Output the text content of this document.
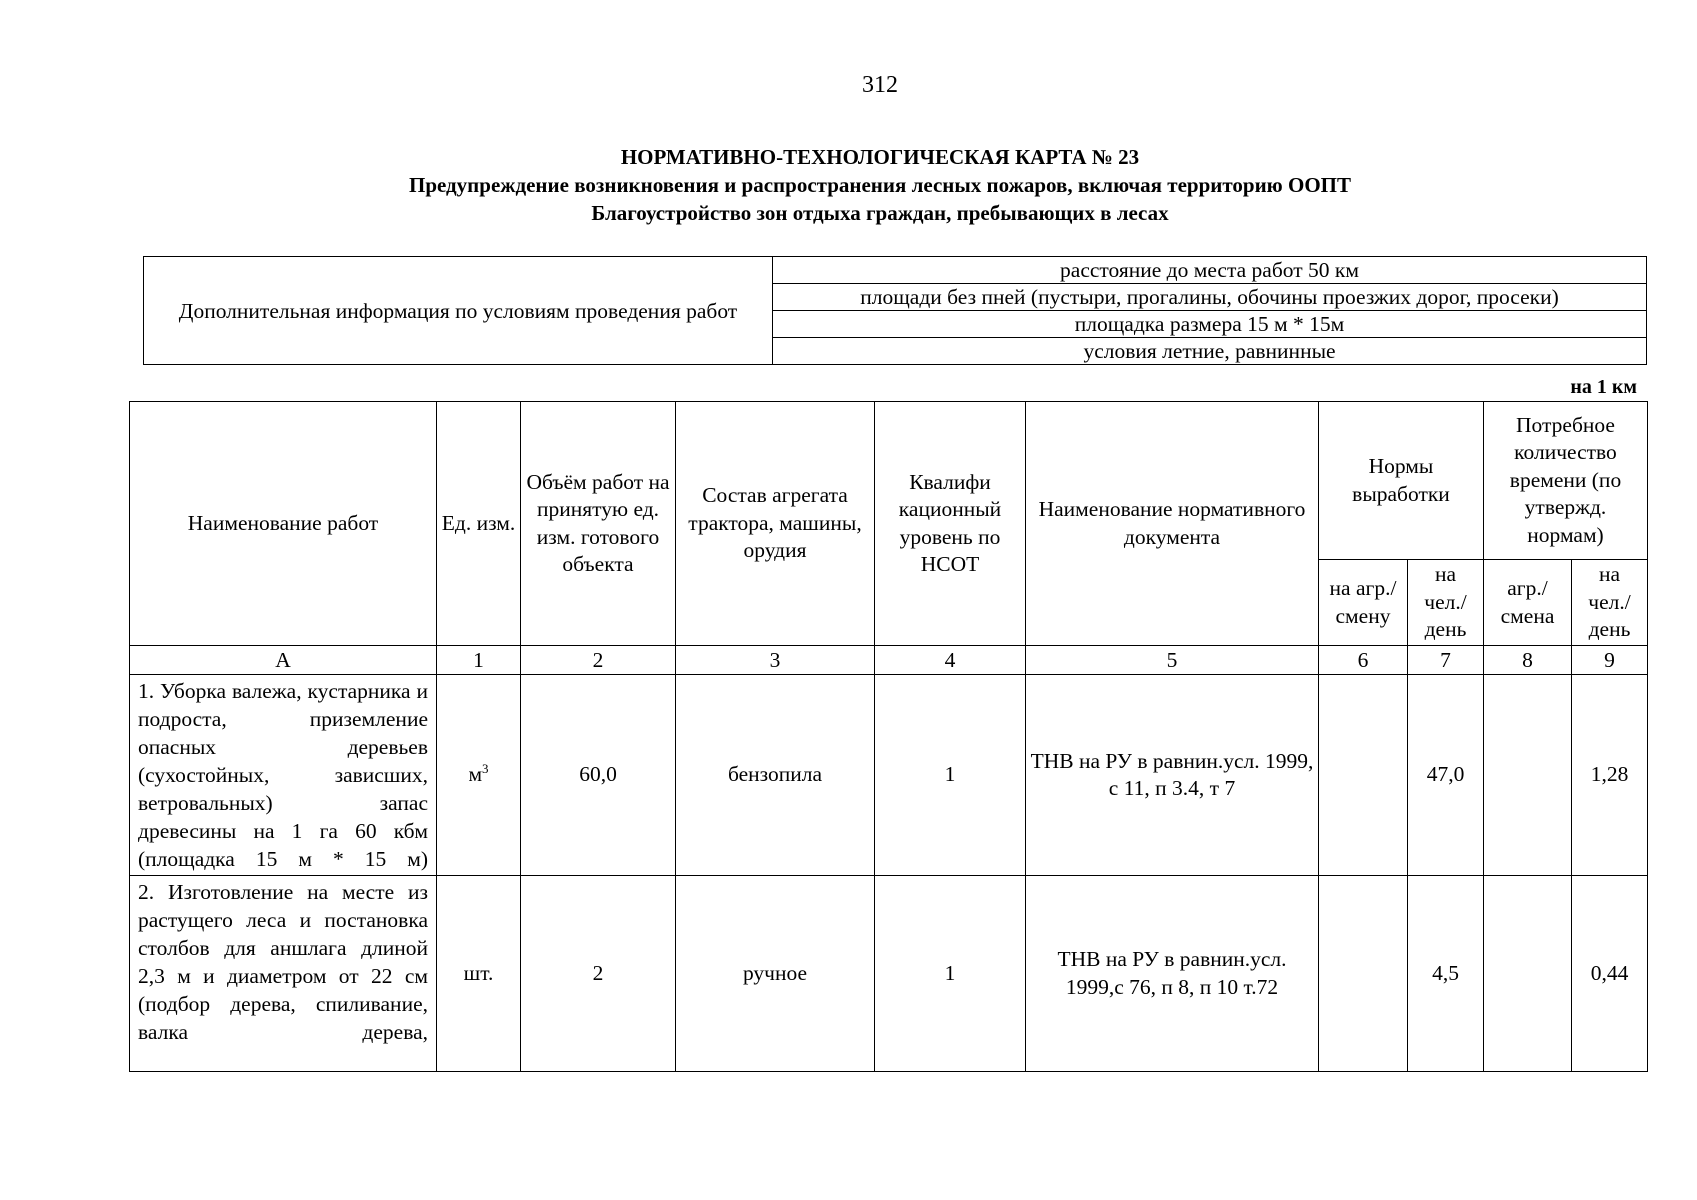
312
НОРМАТИВНО-ТЕХНОЛОГИЧЕСКАЯ КАРТА № 23
Предупреждение возникновения и распространения лесных пожаров, включая территорию ООПТ
Благоустройство зон отдыха граждан, пребывающих в лесах
Дополнительная информация по условиям проведения работ	расстояние до места работ 50 км
площади без пней (пустыри, прогалины, обочины проезжих дорог, просеки)
площадка размера 15 м * 15м
условия летние, равнинные
на 1 км
Наименование работ	Ед. изм.	Объём работ на принятую ед. изм. готового объекта	Состав агрегата трактора, машины, орудия	Квалифи кационный уровень по НСОТ	Наименование нормативного документа	Нормы выработки		Потребное количество времени (по утвержд. нормам)	
						на агр./ смену	на чел./ день	агр./ смена	на чел./ день
А	1	2	3	4	5	6	7	8	9
1. Уборка валежа, кустарника и подроста, приземление опасных деревьев (сухостойных, зависших, ветровальных) запас древесины на 1 га 60 кбм (площадка 15 м * 15 м)	$м^3$	60,0	бензопила	1	ТНВ на РУ в равнин.усл. 1999, с 11, п 3.4, т 7		47,0		1,28
2. Изготовление на месте из растущего леса и постановка столбов для аншлага длиной 2,3 м и диаметром от 22 см (подбор дерева, спиливание, валка дерева,	шт.	2	ручное	1	ТНВ на РУ в равнин.усл. 1999,с 76, п 8, п 10 т.72		4,5		0,44
